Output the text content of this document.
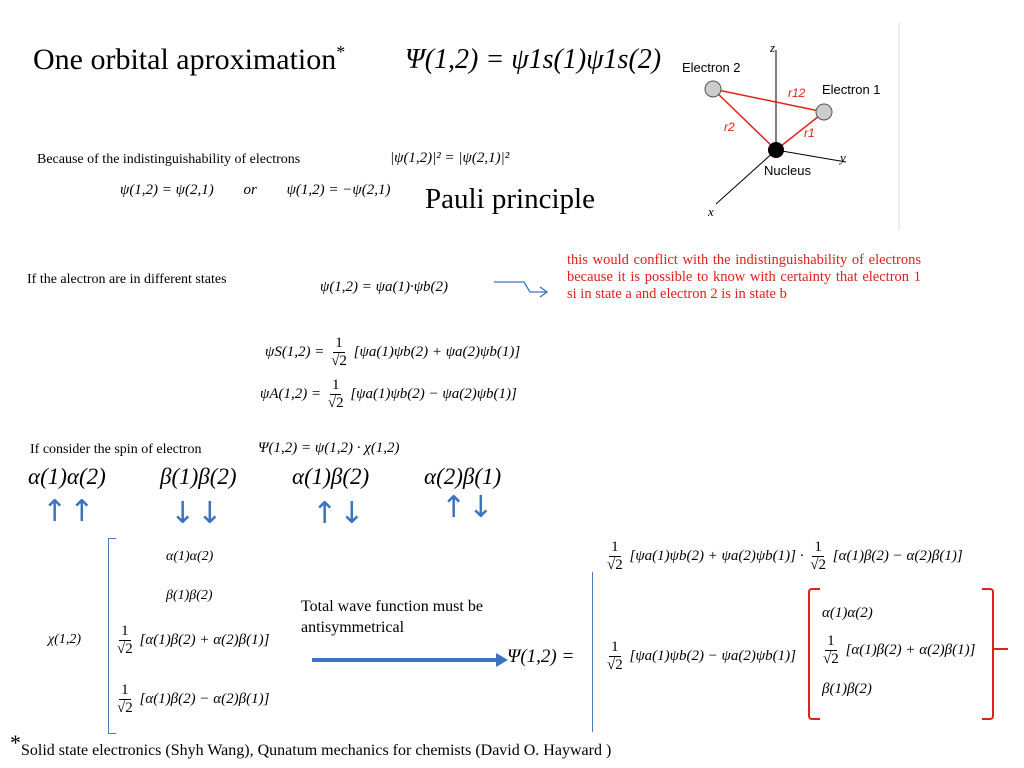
One orbital aproximation* Ψ(1,2) = ψ1s(1)ψ1s(2)	z
y
x
Electron 2
Electron 1
r12
r2	r1
Nucleus
Because of the indistinguishability of electrons	|ψ(1,2)|² = |ψ(2,1)|²
ψ(1,2) = ψ(2,1) or ψ(1,2) = −ψ(2,1) Pauli principle
If the alectron are in different states	ψ(1,2) = ψa(1)·ψb(2)
this would conflict with the indistinguishability of electrons because it is possible to know with certainty that electron 1 si in state a and electron 2 is in state b
$\psi S(1,2) = \frac{1}{√2} [\psi a(1)\psi b(2) + \psi a(2)\psi b(1)]$
$\psi A(1,2) = \frac{1}{√2} [\psi a(1)\psi b(2) - \psi a(2)\psi b(1)]$
If consider the spin of electron	Ψ(1,2) = ψ(1,2) · χ(1,2)
α(1)α(2) β(1)β(2) α(1)β(2) α(2)β(1)
↑↑ ↓↓	↑↓ ↑↓
χ(1,2)
α(1)α(2)
β(1)β(2)
$\frac{1}{√2} [\alpha(1)\beta(2) + \alpha(2)\beta(1)]$
$\frac{1}{√2} [\alpha(1)\beta(2) - \alpha(2)\beta(1)]$
Total wave function must be antisymmetrical
Ψ(1,2) =
$\frac{1}{√2} [\psi a(1)\psi b(2) + \psi a(2)\psi b(1)] \cdot \frac{1}{√2} [\alpha(1)\beta(2) - \alpha(2)\beta(1)]$
$\frac{1}{√2} [\psi a(1)\psi b(2) - \psi a(2)\psi b(1)]$
α(1)α(2)
$\frac{1}{√2} [\alpha(1)\beta(2) + \alpha(2)\beta(1)]$
β(1)β(2)
*Solid state electronics (Shyh Wang), Qunatum mechanics for chemists (David O. Hayward )
